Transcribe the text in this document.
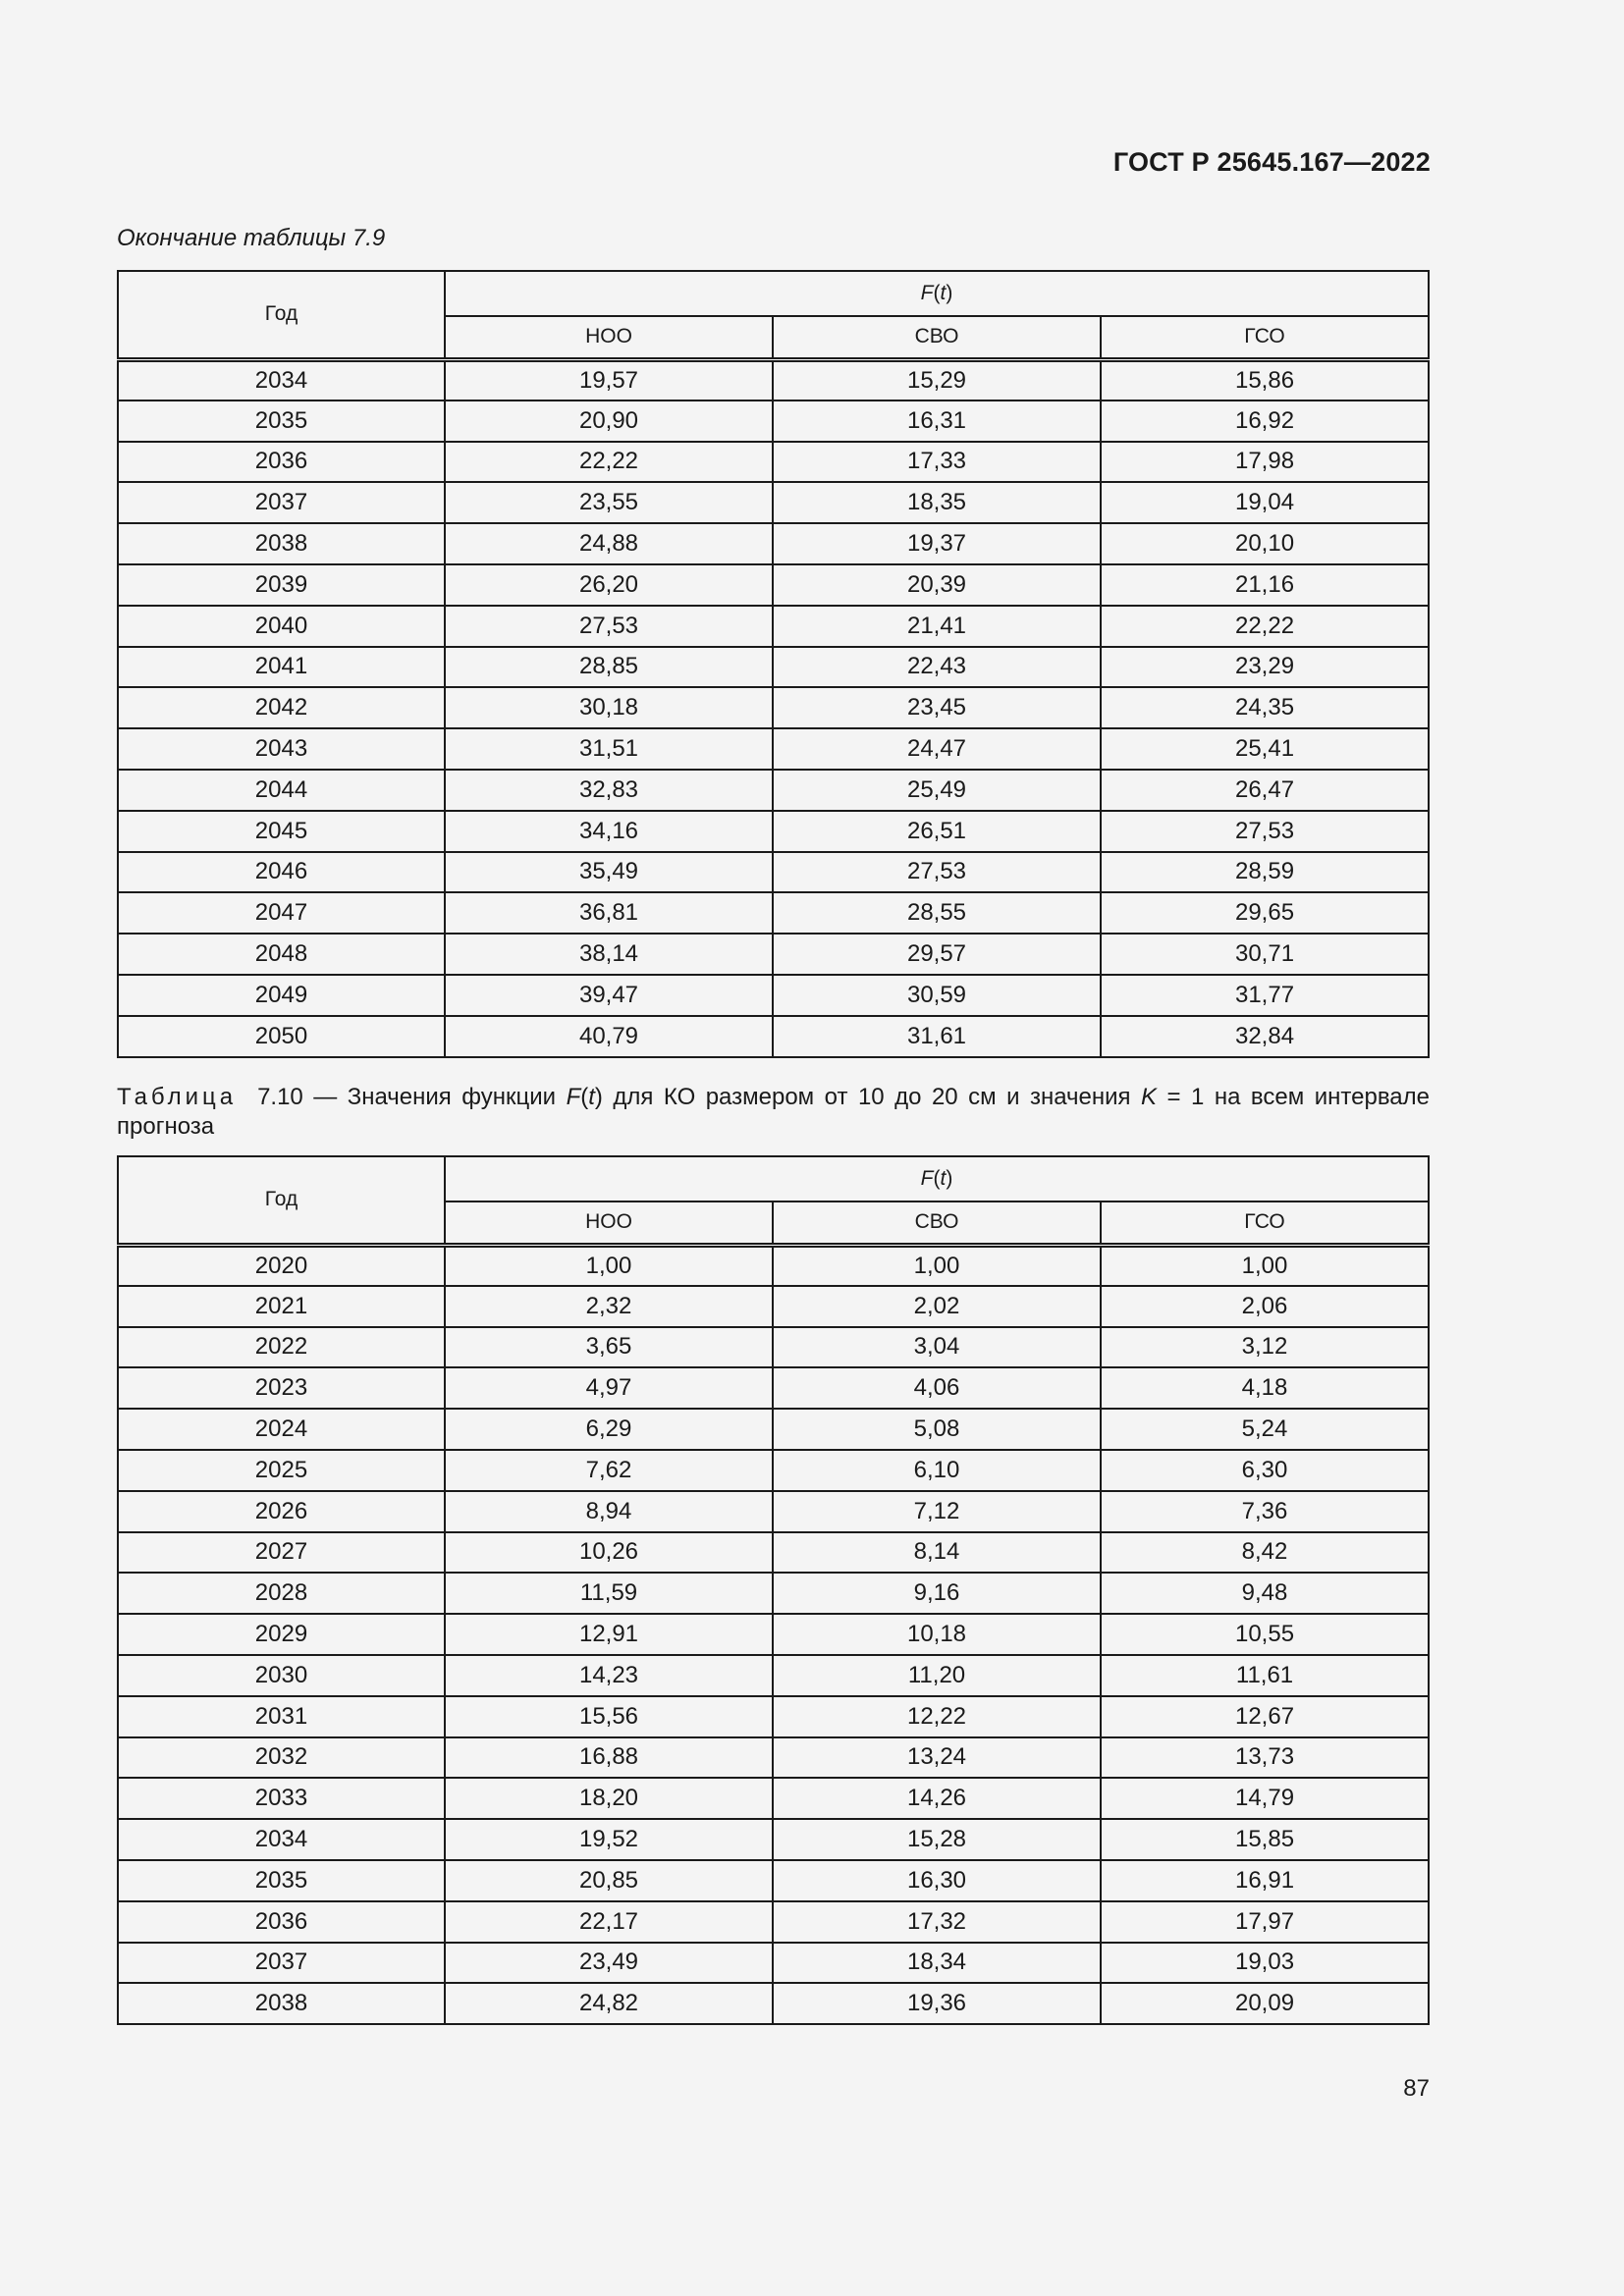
ГОСТ Р 25645.167—2022
Окончание таблицы 7.9
Год	F(t)		
	НОО	СВО	ГСО
2034	19,57	15,29	15,86
2035	20,90	16,31	16,92
2036	22,22	17,33	17,98
2037	23,55	18,35	19,04
2038	24,88	19,37	20,10
2039	26,20	20,39	21,16
2040	27,53	21,41	22,22
2041	28,85	22,43	23,29
2042	30,18	23,45	24,35
2043	31,51	24,47	25,41
2044	32,83	25,49	26,47
2045	34,16	26,51	27,53
2046	35,49	27,53	28,59
2047	36,81	28,55	29,65
2048	38,14	29,57	30,71
2049	39,47	30,59	31,77
2050	40,79	31,61	32,84
Таблица 7.10 — Значения функции F(t) для КО размером от 10 до 20 см и значения K = 1 на всем интервале прогноза
Год	F(t)		
	НОО	СВО	ГСО
2020	1,00	1,00	1,00
2021	2,32	2,02	2,06
2022	3,65	3,04	3,12
2023	4,97	4,06	4,18
2024	6,29	5,08	5,24
2025	7,62	6,10	6,30
2026	8,94	7,12	7,36
2027	10,26	8,14	8,42
2028	11,59	9,16	9,48
2029	12,91	10,18	10,55
2030	14,23	11,20	11,61
2031	15,56	12,22	12,67
2032	16,88	13,24	13,73
2033	18,20	14,26	14,79
2034	19,52	15,28	15,85
2035	20,85	16,30	16,91
2036	22,17	17,32	17,97
2037	23,49	18,34	19,03
2038	24,82	19,36	20,09
87
